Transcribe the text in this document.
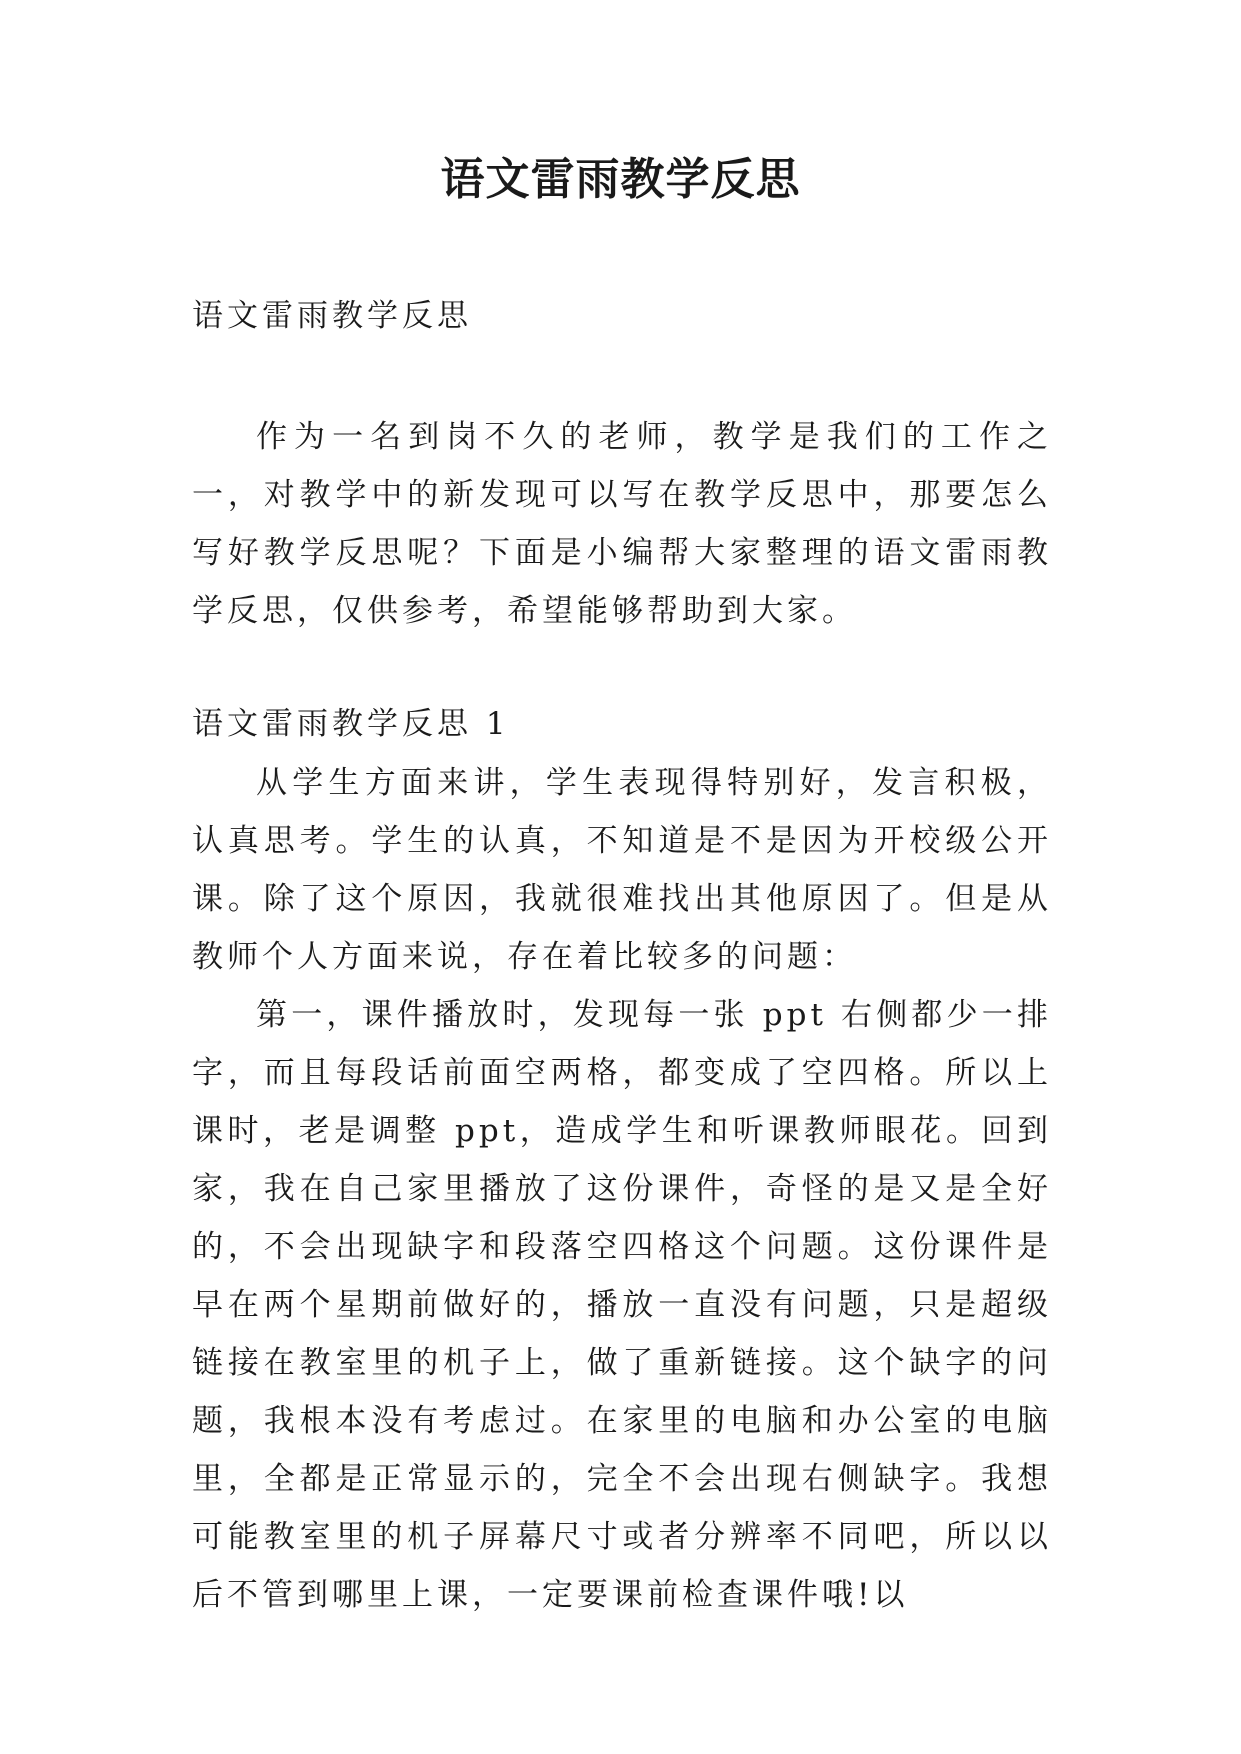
语文雷雨教学反思

语文雷雨教学反思

作为一名到岗不久的老师，教学是我们的工作之一，对教学中的新发现可以写在教学反思中，那要怎么写好教学反思呢？下面是小编帮大家整理的语文雷雨教学反思，仅供参考，希望能够帮助到大家。

语文雷雨教学反思 1

从学生方面来讲，学生表现得特别好，发言积极，认真思考。学生的认真，不知道是不是因为开校级公开课。除了这个原因，我就很难找出其他原因了。但是从教师个人方面来说，存在着比较多的问题：

第一，课件播放时，发现每一张 ppt 右侧都少一排字，而且每段话前面空两格，都变成了空四格。所以上课时，老是调整 ppt，造成学生和听课教师眼花。回到家，我在自己家里播放了这份课件，奇怪的是又是全好的，不会出现缺字和段落空四格这个问题。这份课件是早在两个星期前做好的，播放一直没有问题，只是超级链接在教室里的机子上，做了重新链接。这个缺字的问题，我根本没有考虑过。在家里的电脑和办公室的电脑里，全都是正常显示的，完全不会出现右侧缺字。我想可能教室里的机子屏幕尺寸或者分辨率不同吧，所以以后不管到哪里上课，一定要课前检查课件哦!以
